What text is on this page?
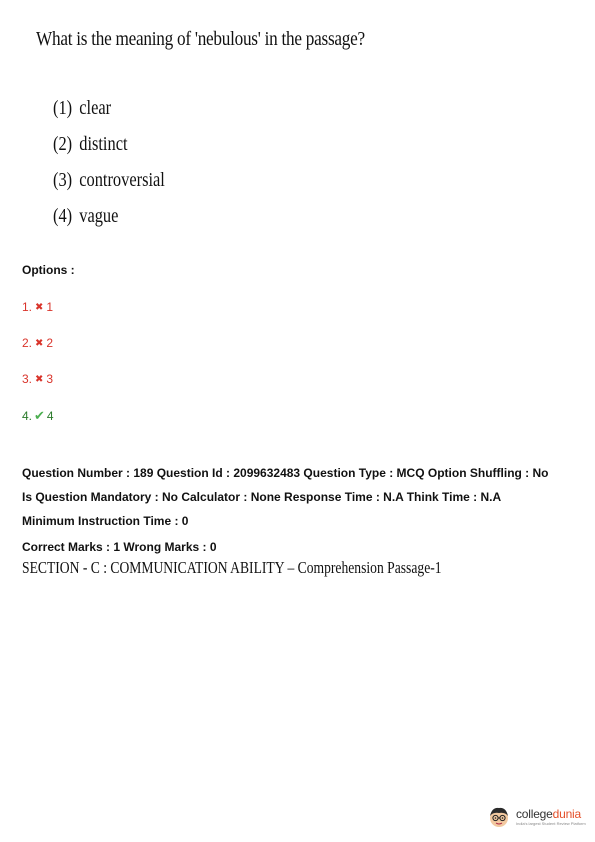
What is the meaning of 'nebulous' in the passage?
(1) clear
(2) distinct
(3) controversial
(4) vague
Options :
1. ✖ 1
2. ✖ 2
3. ✖ 3
4. ✔ 4
Question Number : 189 Question Id : 2099632483 Question Type : MCQ Option Shuffling : No
Is Question Mandatory : No Calculator : None Response Time : N.A Think Time : N.A
Minimum Instruction Time : 0
Correct Marks : 1 Wrong Marks : 0
SECTION - C : COMMUNICATION ABILITY – Comprehension Passage-1
collegedunia
India's largest Student Review Platform
